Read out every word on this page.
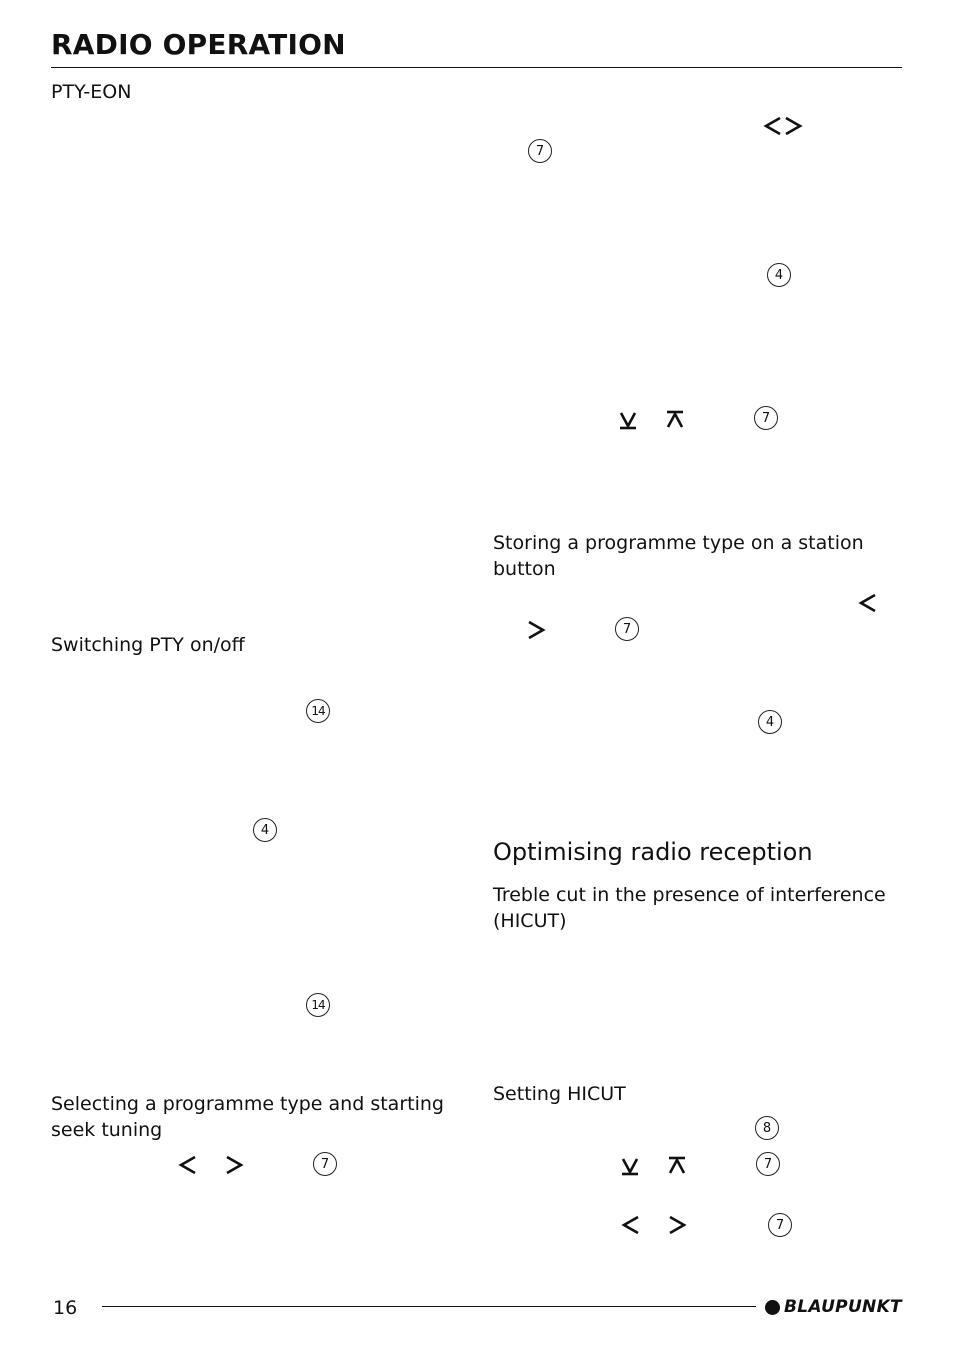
RADIO OPERATION
PTY-EON
Switching PTY on/off
14
4
14
Selecting a programme type and starting seek tuning
7
7
4
7
Storing a programme type on a station button
7
4
Optimising radio reception
Treble cut in the presence of interference (HICUT)
Setting HICUT
8
7
7
16	BLAUPUNKT
